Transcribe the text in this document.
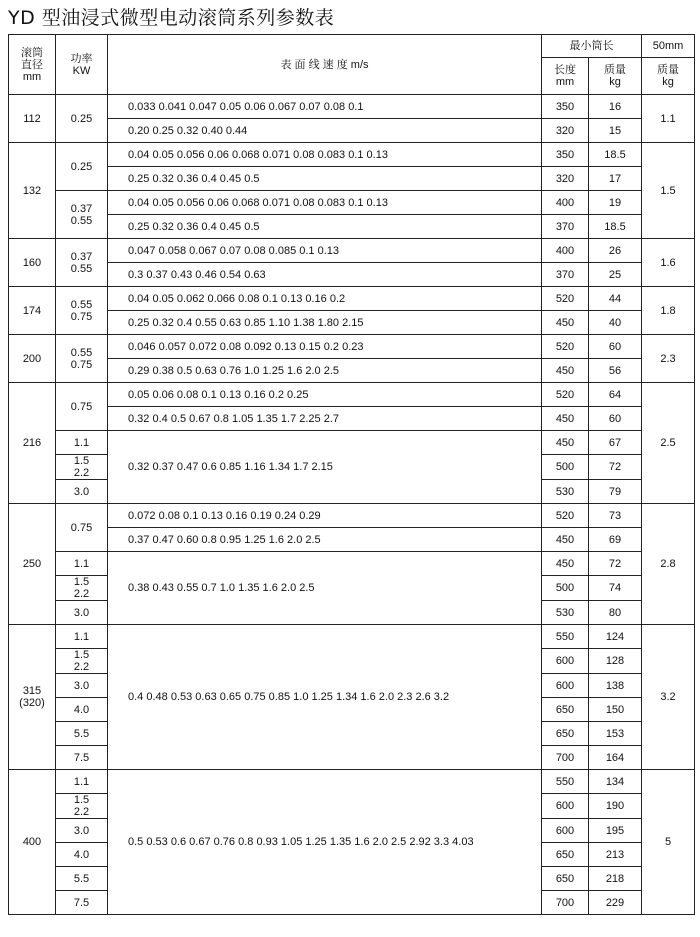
YD 型油浸式微型电动滚筒系列参数表
滚筒
直径
mm	功率
KW	表 面 线 速 度 m/s	最小筒长		50mm

			长度
mm	质量
kg	质量
kg

112	0.25	0.033 0.041 0.047 0.05 0.06 0.067 0.07 0.08 0.1	350	16	1.1
		0.20 0.25 0.32 0.40 0.44	320	15	
132	0.25	0.04 0.05 0.056 0.06 0.068 0.071 0.08 0.083 0.1 0.13	350	18.5	1.5
		0.25 0.32 0.36 0.4 0.45 0.5	320	17	

	0.37
0.55	0.04 0.05 0.056 0.06 0.068 0.071 0.08 0.083 0.1 0.13	400	19	
		0.25 0.32 0.36 0.4 0.45 0.5	370	18.5	
160	0.37
0.55	0.047 0.058 0.067 0.07 0.08 0.085 0.1 0.13	400	26	1.6
		0.3 0.37 0.43 0.46 0.54 0.63	370	25	
174	0.55
0.75	0.04 0.05 0.062 0.066 0.08 0.1 0.13 0.16 0.2	520	44	1.8
		0.25 0.32 0.4 0.55 0.63 0.85 1.10 1.38 1.80 2.15	450	40	
200	0.55
0.75	0.046 0.057 0.072 0.08 0.092 0.13 0.15 0.2 0.23	520	60	2.3
		0.29 0.38 0.5 0.63 0.76 1.0 1.25 1.6 2.0 2.5	450	56	
216	0.75	0.05 0.06 0.08 0.1 0.13 0.16 0.2 0.25	520	64	2.5
		0.32 0.4 0.5 0.67 0.8 1.05 1.35 1.7 2.25 2.7	450	60	
	1.1	0.32 0.37 0.47 0.6 0.85 1.16 1.34 1.7 2.15	450	67	

	1.5
2.2		500	72	
	3.0		530	79	
250	0.75	0.072 0.08 0.1 0.13 0.16 0.19 0.24 0.29	520	73	2.8
		0.37 0.47 0.60 0.8 0.95 1.25 1.6 2.0 2.5	450	69	
	1.1	0.38 0.43 0.55 0.7 1.0 1.35 1.6 2.0 2.5	450	72	

	1.5
2.2		500	74	
	3.0		530	80	

315
(320)	1.1	0.4 0.48 0.53 0.63 0.65 0.75 0.85 1.0 1.25 1.34 1.6 2.0 2.3 2.6 3.2	550	124	3.2

	1.5
2.2		600	128	
	3.0		600	138	
	4.0		650	150	
	5.5		650	153	
	7.5		700	164	
400	1.1	0.5 0.53 0.6 0.67 0.76 0.8 0.93 1.05 1.25 1.35 1.6 2.0 2.5 2.92 3.3 4.03	550	134	5

	1.5
2.2		600	190	
	3.0		600	195	
	4.0		650	213	
	5.5		650	218	
	7.5		700	229	
